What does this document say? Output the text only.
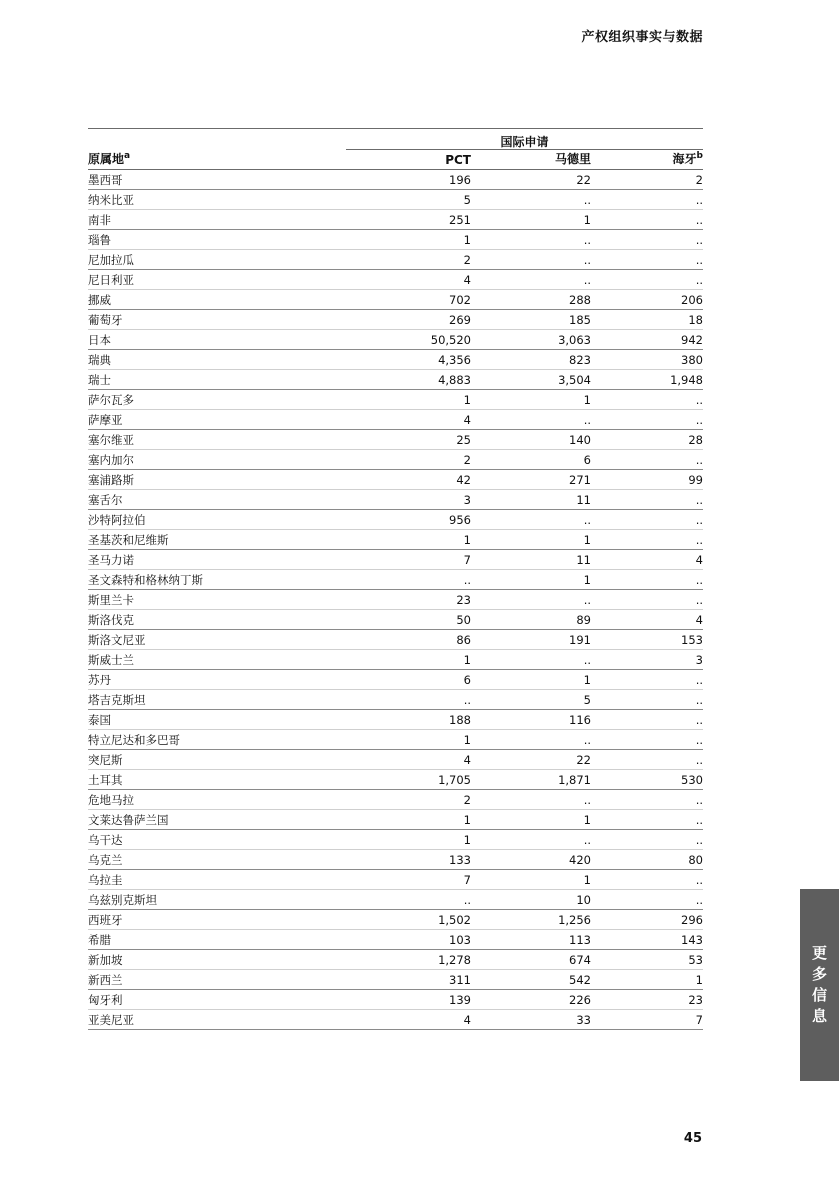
产权组织事实与数据
国际申请
原属地$^a$	PCT	马德里	海牙$^b$
墨西哥	196	22	2
纳米比亚	5	..	..
南非	251	1	..
瑙鲁	1	..	..
尼加拉瓜	2	..	..
尼日利亚	4	..	..
挪威	702	288	206
葡萄牙	269	185	18
日本	50,520	3,063	942
瑞典	4,356	823	380
瑞士	4,883	3,504	1,948
萨尔瓦多	1	1	..
萨摩亚	4	..	..
塞尔维亚	25	140	28
塞内加尔	2	6	..
塞浦路斯	42	271	99
塞舌尔	3	11	..
沙特阿拉伯	956	..	..
圣基茨和尼维斯	1	1	..
圣马力诺	7	11	4
圣文森特和格林纳丁斯	..	1	..
斯里兰卡	23	..	..
斯洛伐克	50	89	4
斯洛文尼亚	86	191	153
斯威士兰	1	..	3
苏丹	6	1	..
塔吉克斯坦	..	5	..
泰国	188	116	..
特立尼达和多巴哥	1	..	..
突尼斯	4	22	..
土耳其	1,705	1,871	530
危地马拉	2	..	..
文莱达鲁萨兰国	1	1	..
乌干达	1	..	..
乌克兰	133	420	80
乌拉圭	7	1	..
乌兹别克斯坦	..	10	..
西班牙	1,502	1,256	296
希腊	103	113	143
新加坡	1,278	674	53
新西兰	311	542	1
匈牙利	139	226	23
亚美尼亚	4	33	7
更
多
信
息
45
